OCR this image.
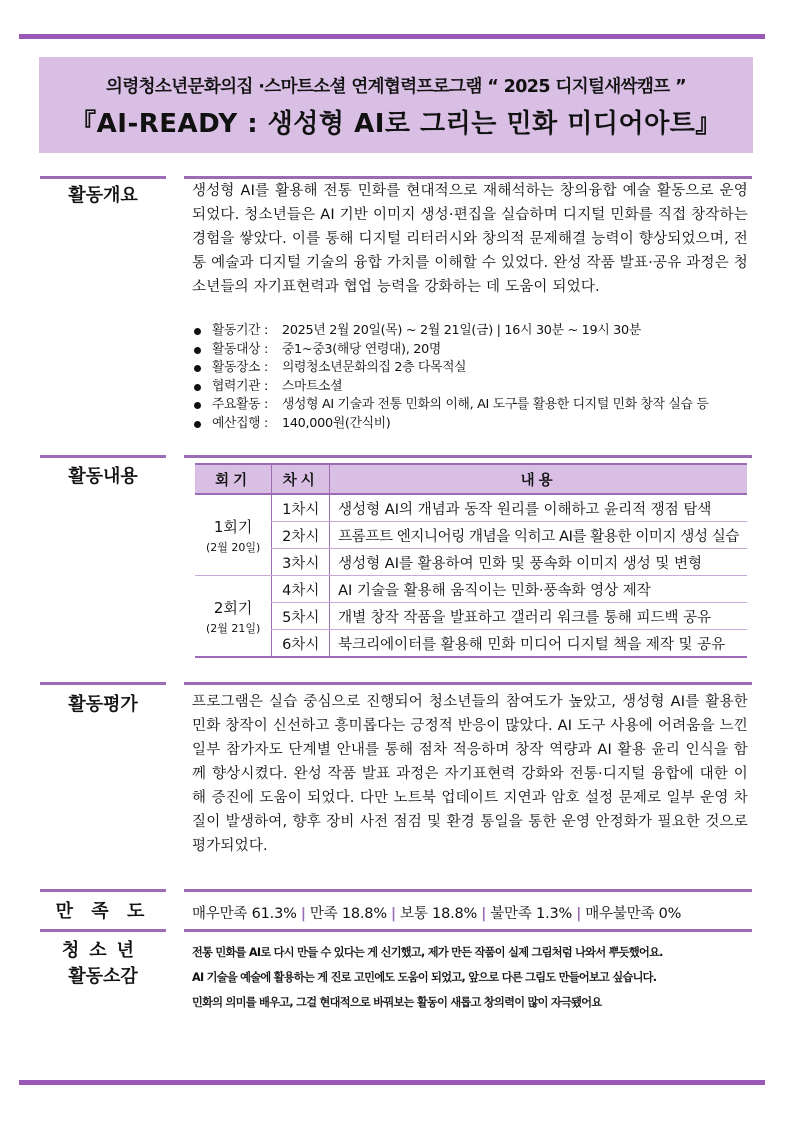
의령청소년문화의집 ·스마트소셜 연계협력프로그램 “ 2025 디지털새싹캠프 ”
『AI-READY : 생성형 AI로 그리는 민화 미디어아트』
활동개요	생성형 AI를 활용해 전통 민화를 현대적으로 재해석하는 창의융합 예술 활동으로 운영되었다. 청소년들은 AI 기반 이미지 생성·편집을 실습하며 디지털 민화를 직접 창작하는 경험을 쌓았다. 이를 통해 디지털 리터러시와 창의적 문제해결 능력이 향상되었으며, 전통 예술과 디지털 기술의 융합 가치를 이해할 수 있었다. 완성 작품 발표·공유 과정은 청소년들의 자기표현력과 협업 능력을 강화하는 데 도움이 되었다.
활동기간 : 2025년 2월 20일(목) ~ 2월 21일(금) | 16시 30분 ~ 19시 30분
활동대상 : 중1~중3(해당 연령대), 20명
활동장소 : 의령청소년문화의집 2층 다목적실
협력기관 : 스마트소셜
주요활동 : 생성형 AI 기술과 전통 민화의 이해, AI 도구를 활용한 디지털 민화 창작 실습 등
예산집행 : 140,000원(간식비)
활동내용	회기	차시	내용

1회기
(2월 20일)	1차시	생성형 AI의 개념과 동작 원리를 이해하고 윤리적 쟁점 탐색
	2차시	프롬프트 엔지니어링 개념을 익히고 AI를 활용한 이미지 생성 실습
	3차시	생성형 AI를 활용하여 민화 및 풍속화 이미지 생성 및 변형

2회기
(2월 21일)	4차시	AI 기술을 활용해 움직이는 민화·풍속화 영상 제작
	5차시	개별 창작 작품을 발표하고 갤러리 워크를 통해 피드백 공유
	6차시	북크리에이터를 활용해 민화 미디어 디지털 책을 제작 및 공유
활동평가	프로그램은 실습 중심으로 진행되어 청소년들의 참여도가 높았고, 생성형 AI를 활용한 민화 창작이 신선하고 흥미롭다는 긍정적 반응이 많았다. AI 도구 사용에 어려움을 느낀 일부 참가자도 단계별 안내를 통해 점차 적응하며 창작 역량과 AI 활용 윤리 인식을 함께 향상시켰다. 완성 작품 발표 과정은 자기표현력 강화와 전통·디지털 융합에 대한 이해 증진에 도움이 되었다. 다만 노트북 업데이트 지연과 암호 설정 문제로 일부 운영 차질이 발생하여, 향후 장비 사전 점검 및 환경 통일을 통한 운영 안정화가 필요한 것으로 평가되었다.
만 족 도	매우만족 61.3% | 만족 18.8% | 보통 18.8% | 불만족 1.3% | 매우불만족 0%
청소년
활동소감
전통 민화를 AI로 다시 만들 수 있다는 게 신기했고, 제가 만든 작품이 실제 그림처럼 나와서 뿌듯했어요.
AI 기술을 예술에 활용하는 게 진로 고민에도 도움이 되었고, 앞으로 다른 그림도 만들어보고 싶습니다.
민화의 의미를 배우고, 그걸 현대적으로 바꿔보는 활동이 새롭고 창의력이 많이 자극됐어요
